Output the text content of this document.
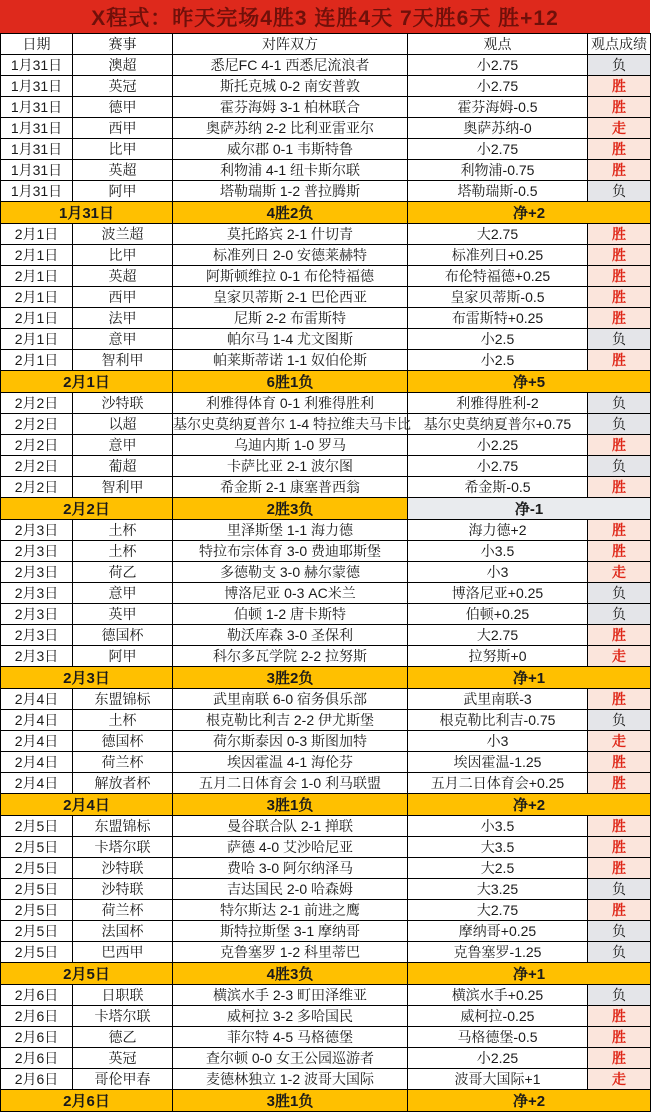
X程式：昨天完场4胜3 连胜4天 7天胜6天 胜+12
日期	赛事	对阵双方	观点	观点成绩
1月31日	澳超	悉尼FC 4-1 西悉尼流浪者	小2.75	负
1月31日	英冠	斯托克城 0-2 南安普敦	小2.75	胜
1月31日	德甲	霍芬海姆 3-1 柏林联合	霍芬海姆-0.5	胜
1月31日	西甲	奥萨苏纳 2-2 比利亚雷亚尔	奥萨苏纳-0	走
1月31日	比甲	威尔郡 0-1 韦斯特鲁	小2.75	胜
1月31日	英超	利物浦 4-1 纽卡斯尔联	利物浦-0.75	胜
1月31日	阿甲	塔勒瑞斯 1-2 普拉腾斯	塔勒瑞斯-0.5	负
1月31日		4胜2负	净+2	
2月1日	波兰超	莫托路宾 2-1 什切青	大2.75	胜
2月1日	比甲	标准列日 2-0 安德莱赫特	标准列日+0.25	胜
2月1日	英超	阿斯顿维拉 0-1 布伦特福德	布伦特福德+0.25	胜
2月1日	西甲	皇家贝蒂斯 2-1 巴伦西亚	皇家贝蒂斯-0.5	胜
2月1日	法甲	尼斯 2-2 布雷斯特	布雷斯特+0.25	胜
2月1日	意甲	帕尔马 1-4 尤文图斯	小2.5	负
2月1日	智利甲	帕莱斯蒂诺 1-1 奴伯伦斯	小2.5	胜
2月1日		6胜1负	净+5	
2月2日	沙特联	利雅得体育 0-1 利雅得胜利	利雅得胜利-2	负
2月2日	以超	基尔史莫纳夏普尔 1-4 特拉维夫马卡比	基尔史莫纳夏普尔+0.75	负
2月2日	意甲	乌迪内斯 1-0 罗马	小2.25	胜
2月2日	葡超	卡萨比亚 2-1 波尔图	小2.75	负
2月2日	智利甲	希金斯 2-1 康塞普西翁	希金斯-0.5	胜
2月2日		2胜3负	净-1	
2月3日	土杯	里泽斯堡 1-1 海力德	海力德+2	胜
2月3日	土杯	特拉布宗体育 3-0 费迪耶斯堡	小3.5	胜
2月3日	荷乙	多德勒支 3-0 赫尔蒙德	小3	走
2月3日	意甲	博洛尼亚 0-3 AC米兰	博洛尼亚+0.25	负
2月3日	英甲	伯顿 1-2 唐卡斯特	伯顿+0.25	负
2月3日	德国杯	勒沃库森 3-0 圣保利	大2.75	胜
2月3日	阿甲	科尔多瓦学院 2-2 拉努斯	拉努斯+0	走
2月3日		3胜2负	净+1	
2月4日	东盟锦标	武里南联 6-0 宿务俱乐部	武里南联-3	胜
2月4日	土杯	根克勒比利吉 2-2 伊尤斯堡	根克勒比利吉-0.75	负
2月4日	德国杯	荷尔斯泰因 0-3 斯图加特	小3	走
2月4日	荷兰杯	埃因霍温 4-1 海伦芬	埃因霍温-1.25	胜
2月4日	解放者杯	五月二日体育会 1-0 利马联盟	五月二日体育会+0.25	胜
2月4日		3胜1负	净+2	
2月5日	东盟锦标	曼谷联合队 2-1 掸联	小3.5	胜
2月5日	卡塔尔联	萨德 4-0 艾沙哈尼亚	大3.5	胜
2月5日	沙特联	费哈 3-0 阿尔纳泽马	大2.5	胜
2月5日	沙特联	吉达国民 2-0 哈森姆	大3.25	负
2月5日	荷兰杯	特尔斯达 2-1 前进之鹰	大2.75	胜
2月5日	法国杯	斯特拉斯堡 3-1 摩纳哥	摩纳哥+0.25	负
2月5日	巴西甲	克鲁塞罗 1-2 科里蒂巴	克鲁塞罗-1.25	负
2月5日		4胜3负	净+1	
2月6日	日职联	横滨水手 2-3 町田泽维亚	横滨水手+0.25	负
2月6日	卡塔尔联	威柯拉 3-2 多哈国民	威柯拉-0.25	胜
2月6日	德乙	菲尔特 4-5 马格德堡	马格德堡-0.5	胜
2月6日	英冠	查尔顿 0-0 女王公园巡游者	小2.25	胜
2月6日	哥伦甲春	麦德林独立 1-2 波哥大国际	波哥大国际+1	走
2月6日		3胜1负	净+2	
